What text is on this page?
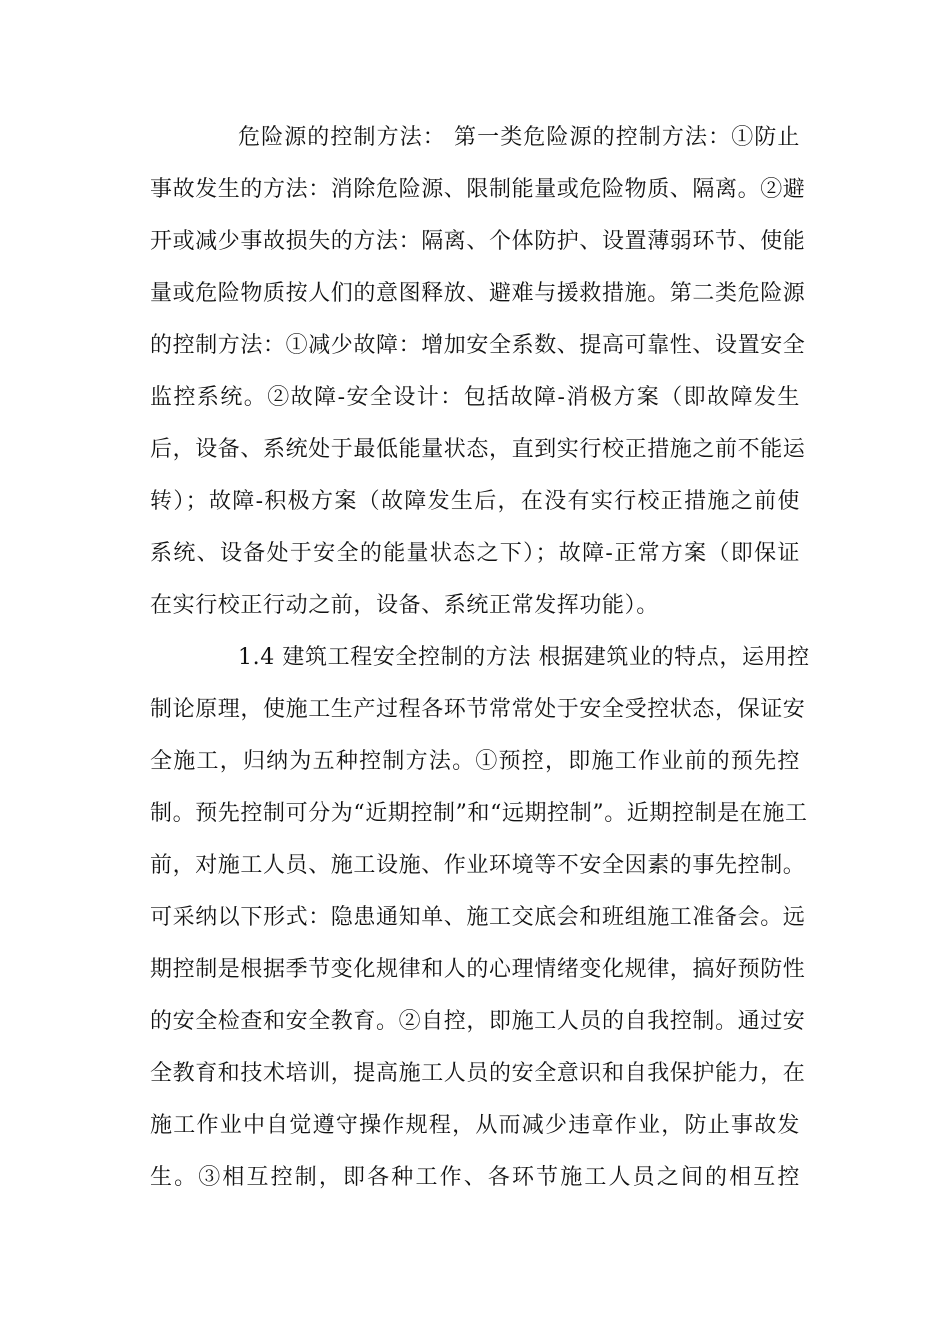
危险源的控制方法： 第一类危险源的控制方法：①防止
事故发生的方法：消除危险源、限制能量或危险物质、隔离。②避
开或减少事故损失的方法：隔离、个体防护、设置薄弱环节、使能
量或危险物质按人们的意图释放、避难与援救措施。第二类危险源
的控制方法：①减少故障：增加安全系数、提高可靠性、设置安全
监控系统。②故障-安全设计：包括故障-消极方案（即故障发生
后，设备、系统处于最低能量状态，直到实行校正措施之前不能运
转）；故障-积极方案（故障发生后，在没有实行校正措施之前使
系统、设备处于安全的能量状态之下）；故障-正常方案（即保证
在实行校正行动之前，设备、系统正常发挥功能）。
1.4 建筑工程安全控制的方法 根据建筑业的特点，运用控
制论原理，使施工生产过程各环节常常处于安全受控状态，保证安
全施工，归纳为五种控制方法。①预控，即施工作业前的预先控
制。预先控制可分为“近期控制”和“远期控制”。近期控制是在施工
前，对施工人员、施工设施、作业环境等不安全因素的事先控制。
可采纳以下形式：隐患通知单、施工交底会和班组施工准备会。远
期控制是根据季节变化规律和人的心理情绪变化规律，搞好预防性
的安全检查和安全教育。②自控，即施工人员的自我控制。通过安
全教育和技术培训，提高施工人员的安全意识和自我保护能力，在
施工作业中自觉遵守操作规程，从而减少违章作业，防止事故发
生。③相互控制，即各种工作、各环节施工人员之间的相互控
